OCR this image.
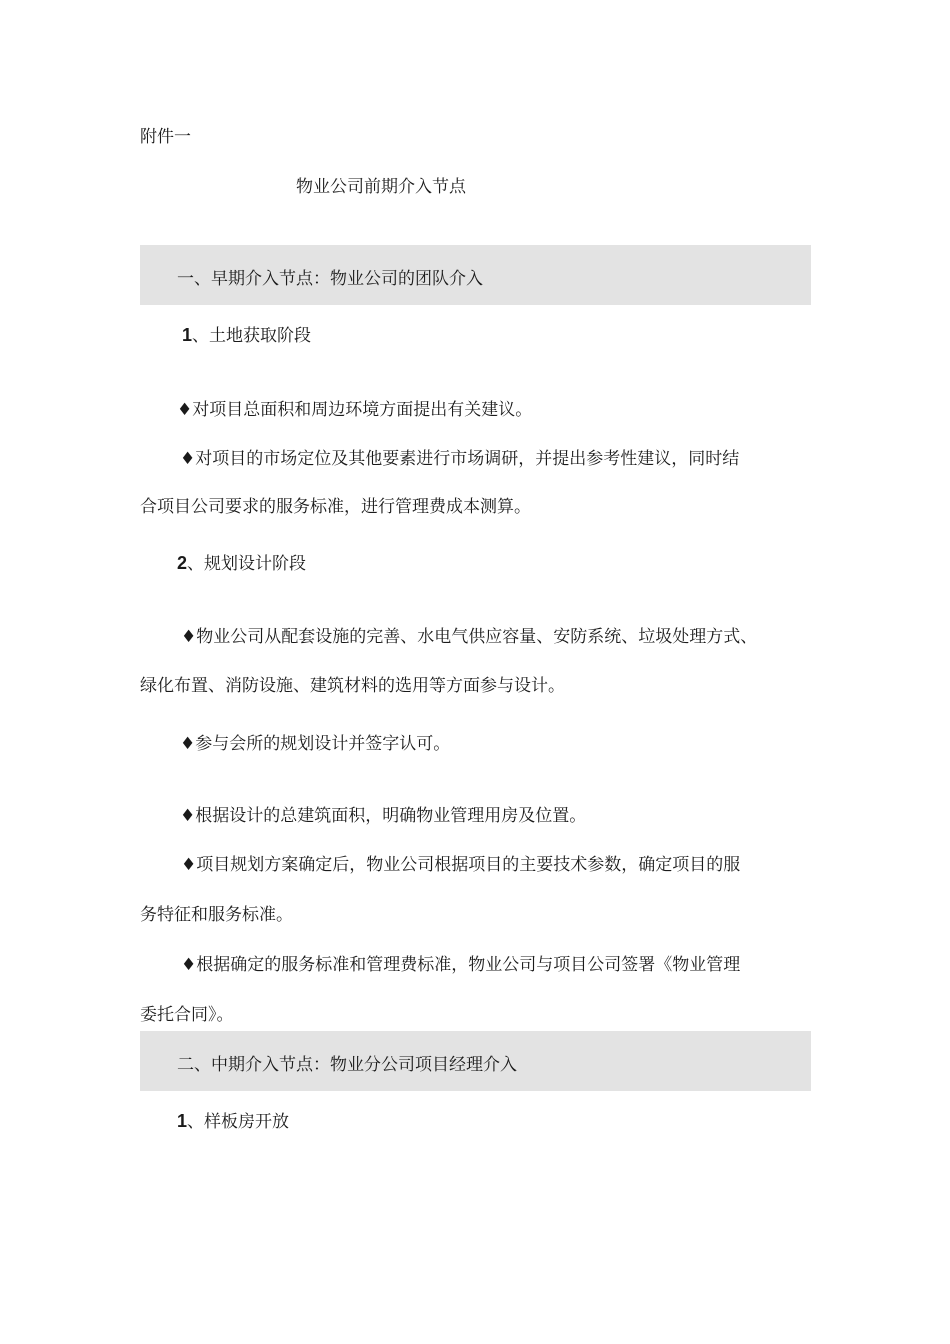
附件一
物业公司前期介入节点
一、早期介入节点：物业公司的团队介入
1、土地获取阶段
♦对项目总面积和周边环境方面提出有关建议。
♦对项目的市场定位及其他要素进行市场调研，并提出参考性建议，同时结
合项目公司要求的服务标准，进行管理费成本测算。
2、规划设计阶段
♦物业公司从配套设施的完善、水电气供应容量、安防系统、垃圾处理方式、
绿化布置、消防设施、建筑材料的选用等方面参与设计。
♦参与会所的规划设计并签字认可。
♦根据设计的总建筑面积，明确物业管理用房及位置。
♦项目规划方案确定后，物业公司根据项目的主要技术参数，确定项目的服
务特征和服务标准。
♦根据确定的服务标准和管理费标准，物业公司与项目公司签署《物业管理
委托合同》。
二、中期介入节点：物业分公司项目经理介入
1、样板房开放
